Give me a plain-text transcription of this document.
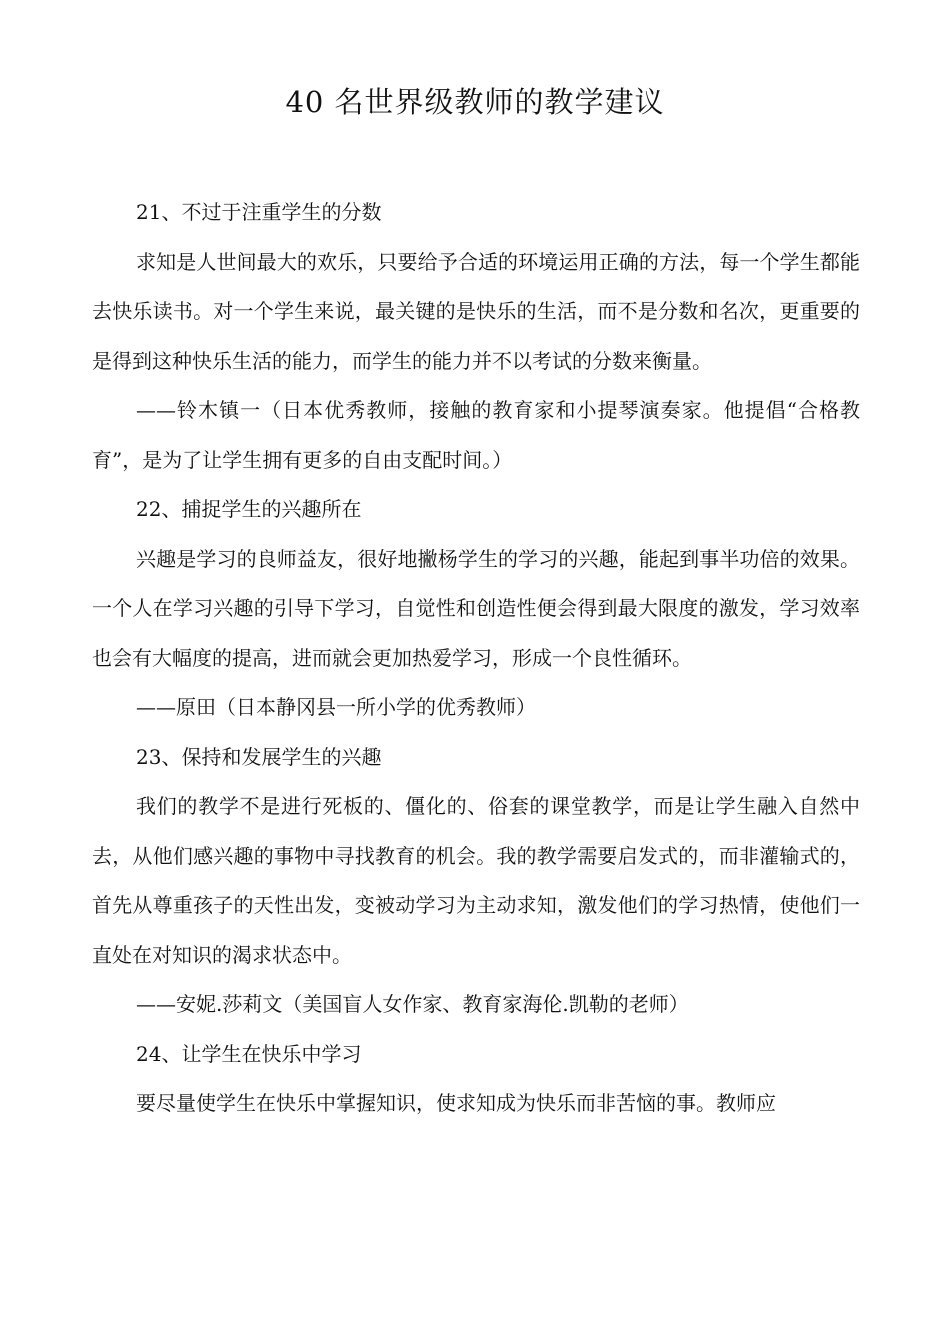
40 名世界级教师的教学建议

21、不过于注重学生的分数

求知是人世间最大的欢乐，只要给予合适的环境运用正确的方法，每一个学生都能去快乐读书。对一个学生来说，最关键的是快乐的生活，而不是分数和名次，更重要的是得到这种快乐生活的能力，而学生的能力并不以考试的分数来衡量。

——铃木镇一（日本优秀教师，接触的教育家和小提琴演奏家。他提倡“合格教育”，是为了让学生拥有更多的自由支配时间。）

22、捕捉学生的兴趣所在

兴趣是学习的良师益友，很好地撇杨学生的学习的兴趣，能起到事半功倍的效果。一个人在学习兴趣的引导下学习，自觉性和创造性便会得到最大限度的激发，学习效率也会有大幅度的提高，进而就会更加热爱学习，形成一个良性循环。

——原田（日本静冈县一所小学的优秀教师）

23、保持和发展学生的兴趣

我们的教学不是进行死板的、僵化的、俗套的课堂教学，而是让学生融入自然中去，从他们感兴趣的事物中寻找教育的机会。我的教学需要启发式的，而非灌输式的，首先从尊重孩子的天性出发，变被动学习为主动求知，激发他们的学习热情，使他们一直处在对知识的渴求状态中。

——安妮.莎莉文（美国盲人女作家、教育家海伦.凯勒的老师）

24、让学生在快乐中学习

要尽量使学生在快乐中掌握知识，使求知成为快乐而非苦恼的事。教师应
